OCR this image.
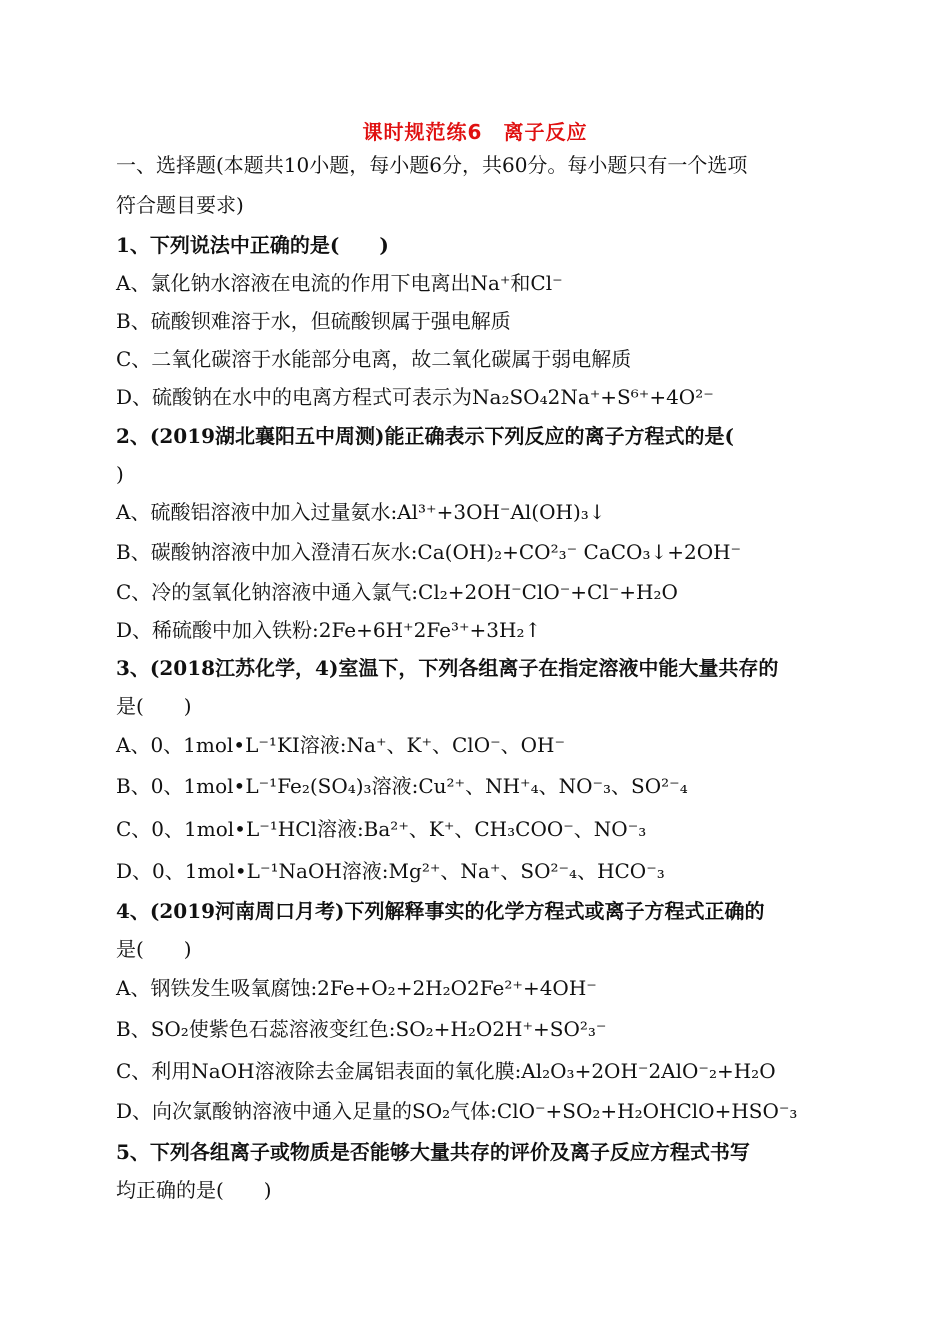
课时规范练6　离子反应
一、选择题(本题共10小题，每小题6分，共60分。每小题只有一个选项
符合题目要求)
1、下列说法中正确的是(　　)
A、氯化钠水溶液在电流的作用下电离出Na⁺和Cl⁻
B、硫酸钡难溶于水，但硫酸钡属于强电解质
C、二氧化碳溶于水能部分电离，故二氧化碳属于弱电解质
D、硫酸钠在水中的电离方程式可表示为Na₂SO₄2Na⁺+S⁶⁺+4O²⁻
2、(2019湖北襄阳五中周测)能正确表示下列反应的离子方程式的是(
)
A、硫酸铝溶液中加入过量氨水:Al³⁺+3OH⁻Al(OH)₃↓
B、碳酸钠溶液中加入澄清石灰水:Ca(OH)₂+CO²₃⁻ CaCO₃↓+2OH⁻
C、冷的氢氧化钠溶液中通入氯气:Cl₂+2OH⁻ClO⁻+Cl⁻+H₂O
D、稀硫酸中加入铁粉:2Fe+6H⁺2Fe³⁺+3H₂↑
3、(2018江苏化学，4)室温下，下列各组离子在指定溶液中能大量共存的
是(　　)
A、0、1mol•L⁻¹KI溶液:Na⁺、K⁺、ClO⁻、OH⁻
B、0、1mol•L⁻¹Fe₂(SO₄)₃溶液:Cu²⁺、NH⁺₄、NO⁻₃、SO²⁻₄
C、0、1mol•L⁻¹HCl溶液:Ba²⁺、K⁺、CH₃COO⁻、NO⁻₃
D、0、1mol•L⁻¹NaOH溶液:Mg²⁺、Na⁺、SO²⁻₄、HCO⁻₃
4、(2019河南周口月考)下列解释事实的化学方程式或离子方程式正确的
是(　　)
A、钢铁发生吸氧腐蚀:2Fe+O₂+2H₂O2Fe²⁺+4OH⁻
B、SO₂使紫色石蕊溶液变红色:SO₂+H₂O2H⁺+SO²₃⁻
C、利用NaOH溶液除去金属铝表面的氧化膜:Al₂O₃+2OH⁻2AlO⁻₂+H₂O
D、向次氯酸钠溶液中通入足量的SO₂气体:ClO⁻+SO₂+H₂OHClO+HSO⁻₃
5、下列各组离子或物质是否能够大量共存的评价及离子反应方程式书写
均正确的是(　　)
